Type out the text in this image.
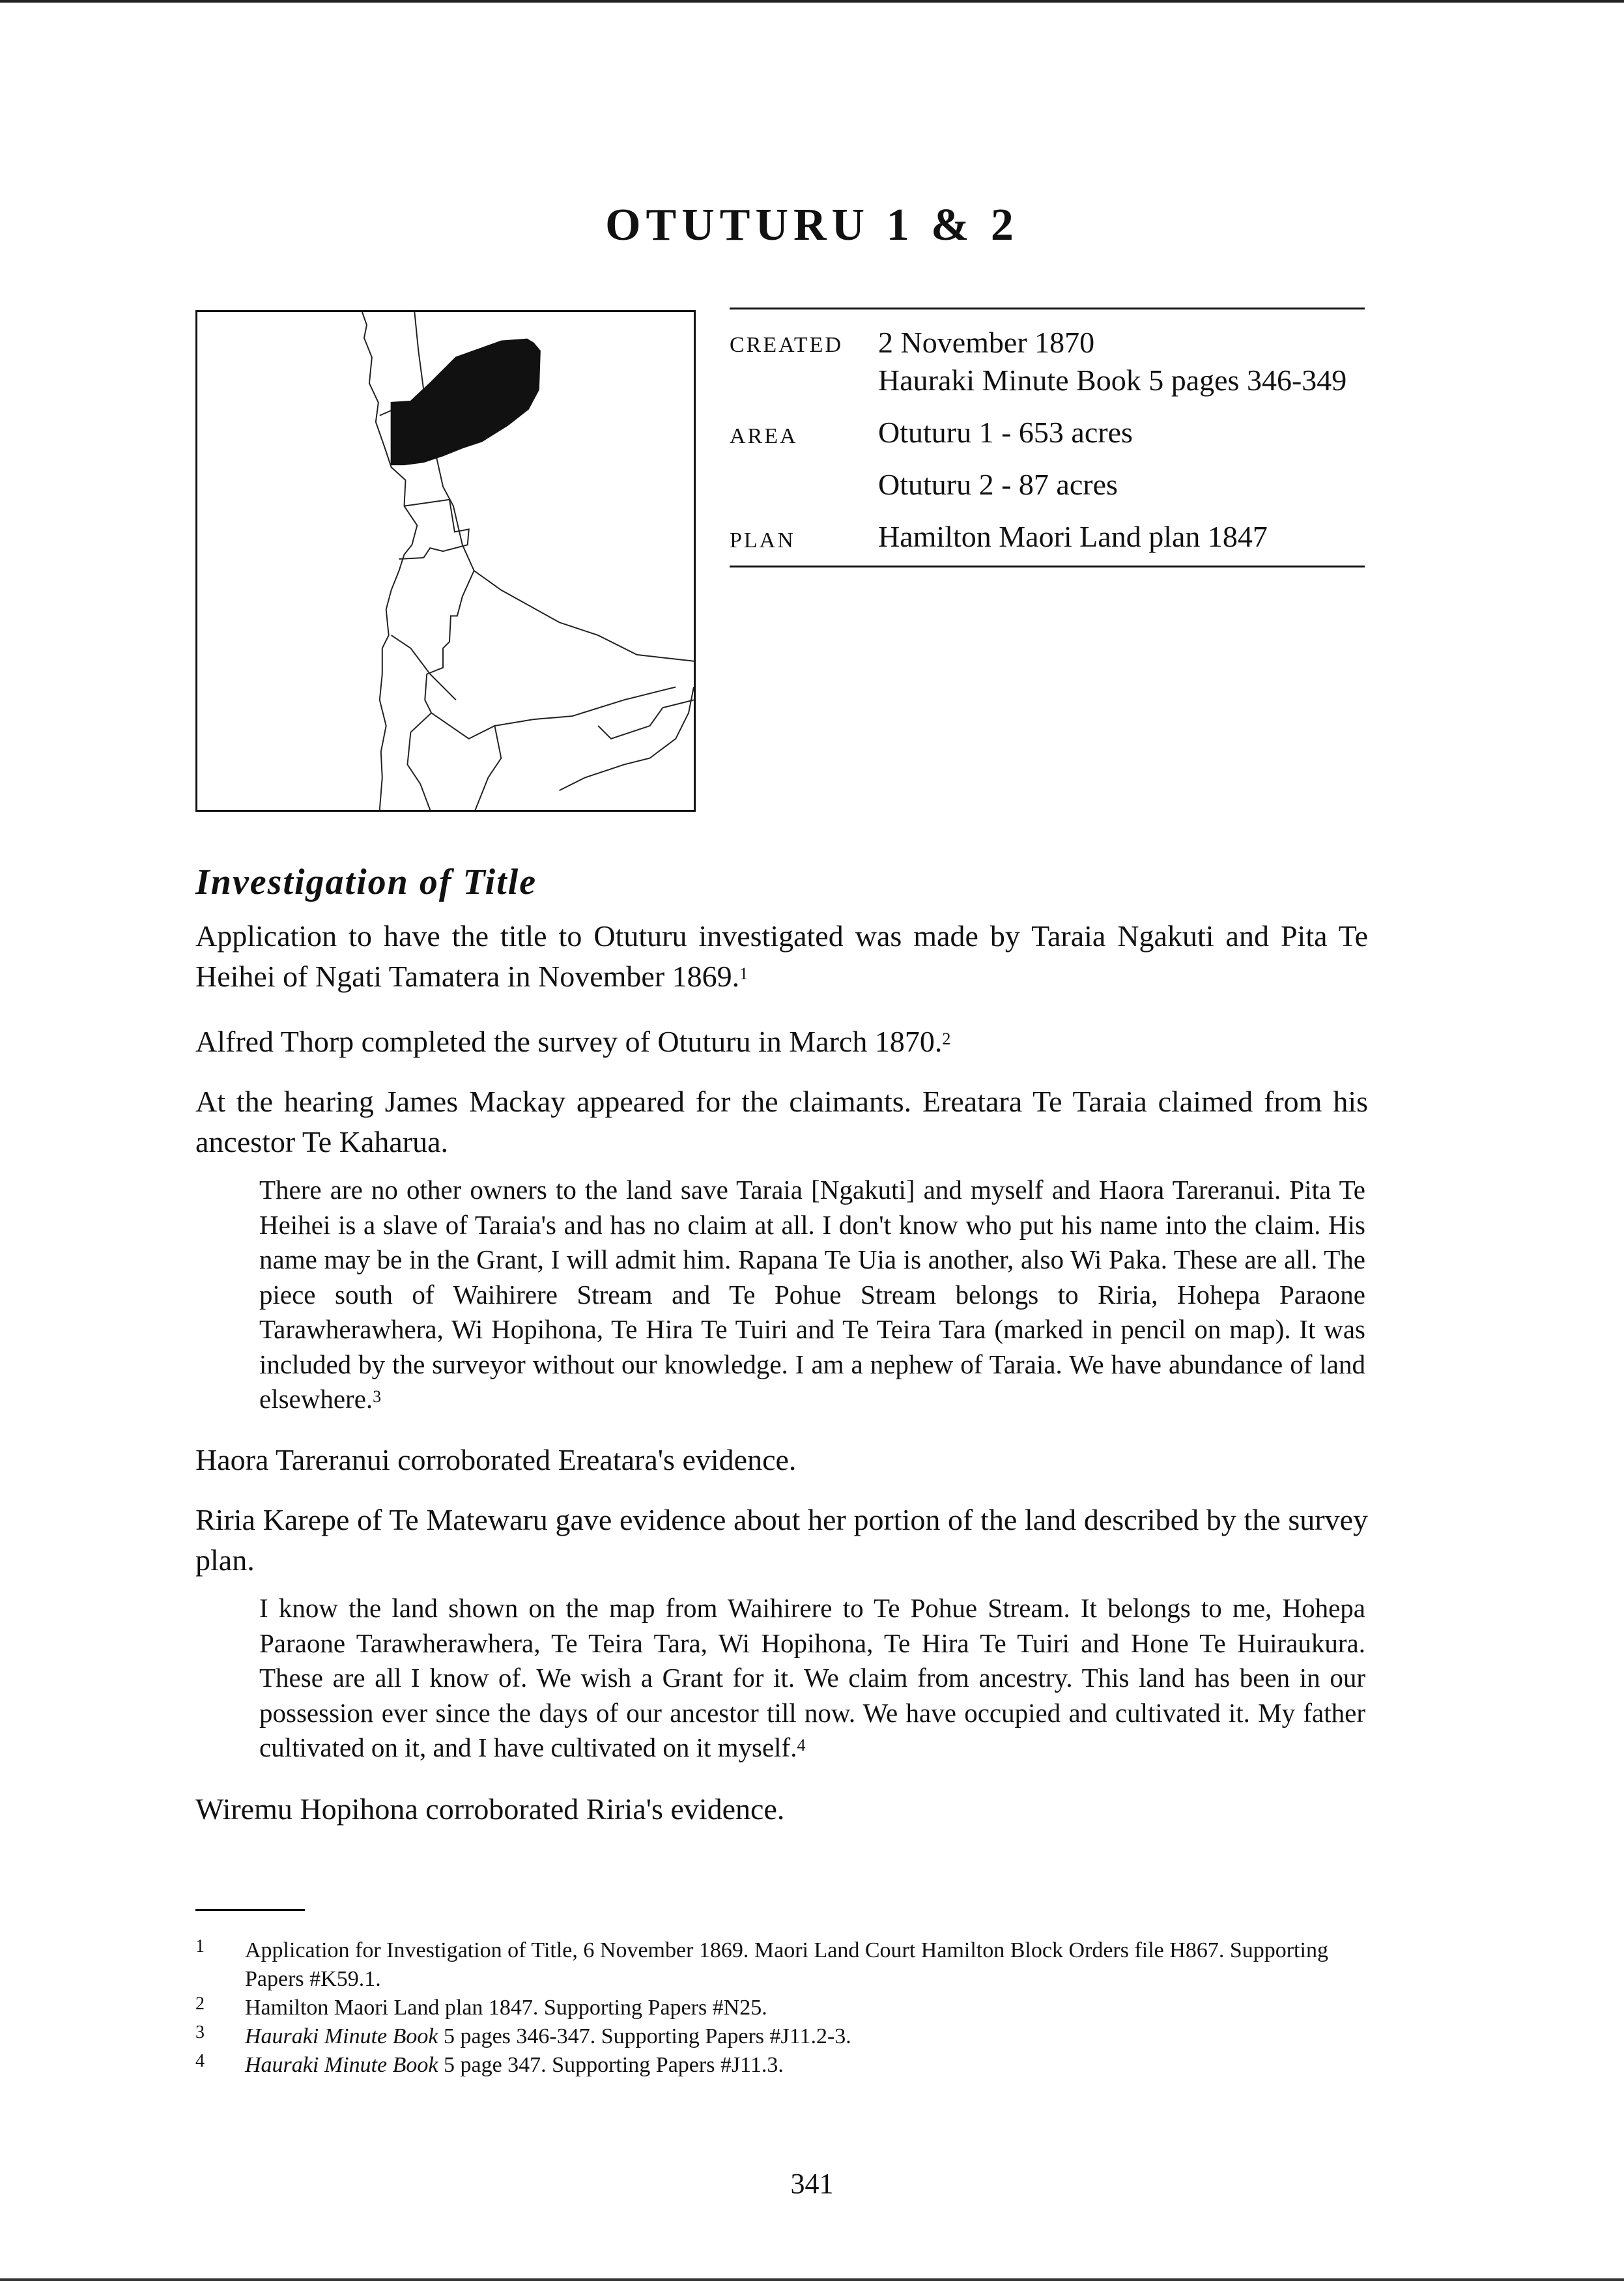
OTUTURU 1 & 2
CREATED 2 November 1870
Hauraki Minute Book 5 pages 346-349
AREA	Otuturu 1 - 653 acres
Otuturu 2 - 87 acres
PLAN	Hamilton Maori Land plan 1847
Investigation of Title

Application to have the title to Otuturu investigated was made by Taraia Ngakuti and Pita Te Heihei of Ngati Tamatera in November 1869.$^1$

Alfred Thorp completed the survey of Otuturu in March 1870.$^2$

At the hearing James Mackay appeared for the claimants. Ereatara Te Taraia claimed from his ancestor Te Kaharua.

There are no other owners to the land save Taraia [Ngakuti] and myself and Haora Tareranui. Pita Te Heihei is a slave of Taraia's and has no claim at all. I don't know who put his name into the claim. His name may be in the Grant, I will admit him. Rapana Te Uia is another, also Wi Paka. These are all. The piece south of Waihirere Stream and Te Pohue Stream belongs to Riria, Hohepa Paraone Tarawherawhera, Wi Hopihona, Te Hira Te Tuiri and Te Teira Tara (marked in pencil on map). It was included by the surveyor without our knowledge. I am a nephew of Taraia. We have abundance of land elsewhere.$^3$

Haora Tareranui corroborated Ereatara's evidence.

Riria Karepe of Te Matewaru gave evidence about her portion of the land described by the survey plan.

I know the land shown on the map from Waihirere to Te Pohue Stream. It belongs to me, Hohepa Paraone Tarawherawhera, Te Teira Tara, Wi Hopihona, Te Hira Te Tuiri and Hone Te Huiraukura. These are all I know of. We wish a Grant for it. We claim from ancestry. This land has been in our possession ever since the days of our ancestor till now. We have occupied and cultivated it. My father cultivated on it, and I have cultivated on it myself.$^4$

Wiremu Hopihona corroborated Riria's evidence.

1 Application for Investigation of Title, 6 November 1869. Maori Land Court Hamilton Block Orders file H867. Supporting Papers #K59.1.
2 Hamilton Maori Land plan 1847. Supporting Papers #N25.
3 Hauraki Minute Book 5 pages 346-347. Supporting Papers #J11.2-3.
4 Hauraki Minute Book 5 page 347. Supporting Papers #J11.3.
341
